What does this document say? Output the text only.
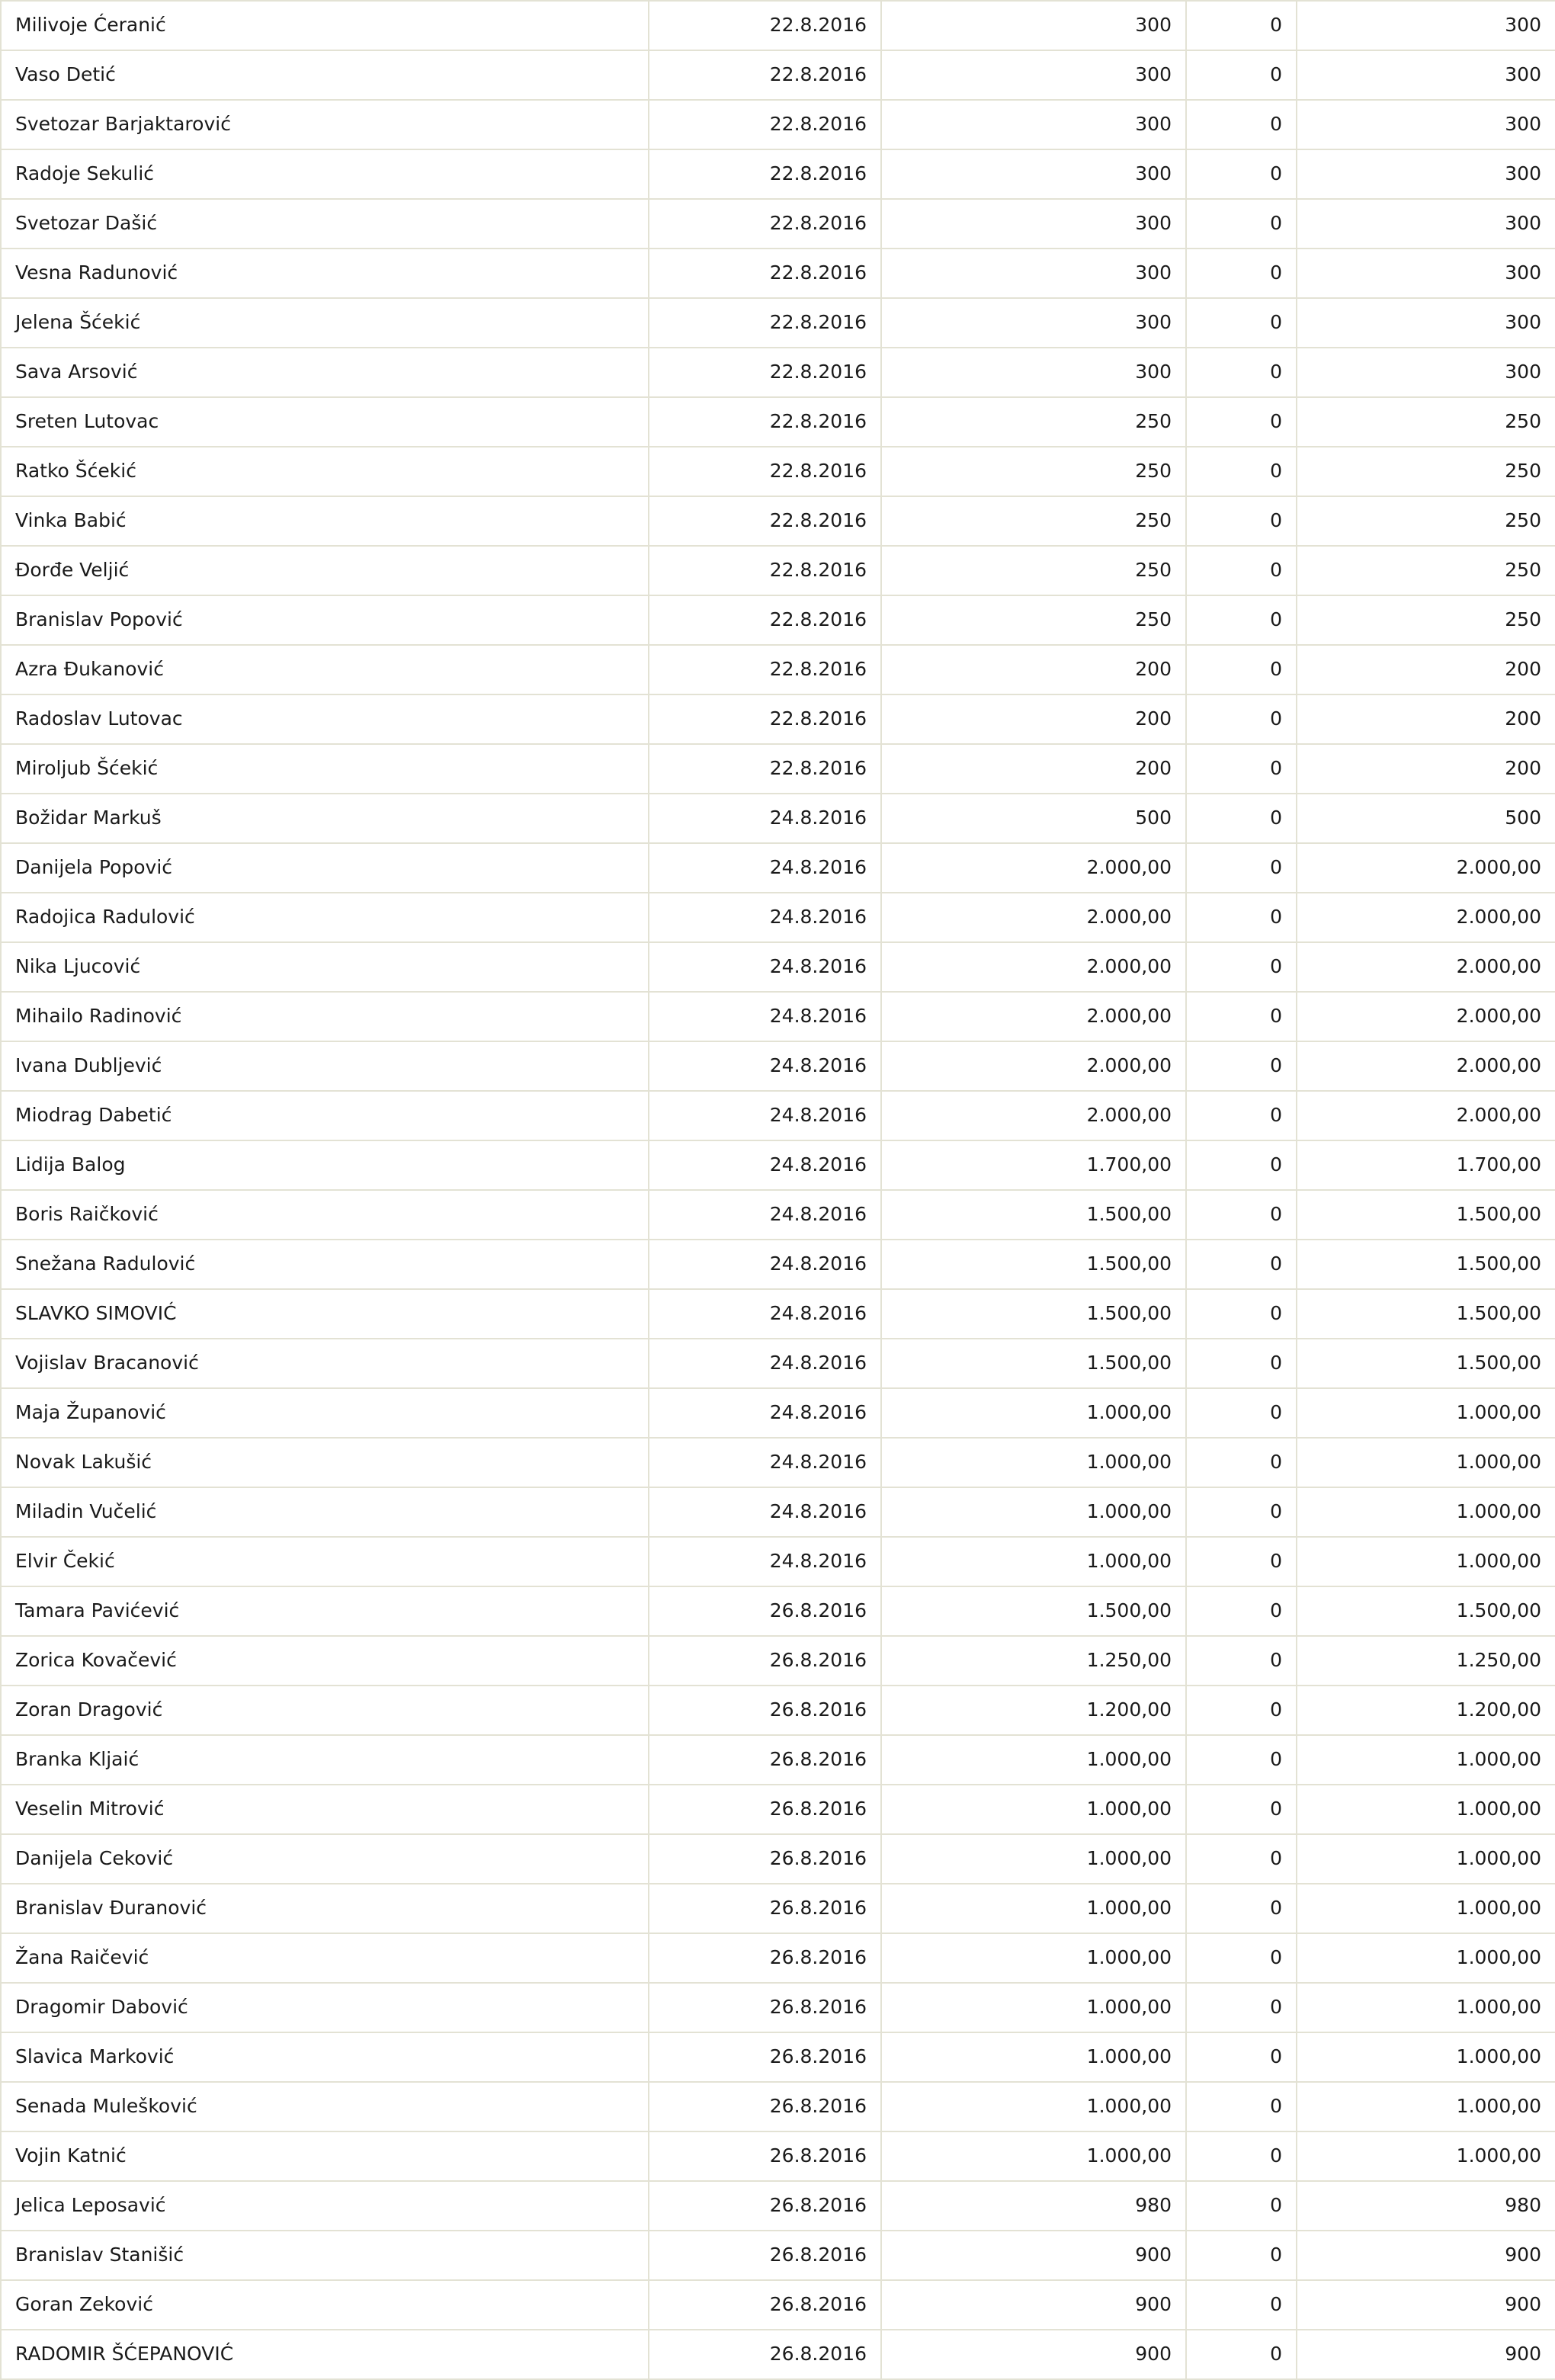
Milivoje Ćeranić	22.8.2016	300	0	300
Vaso Detić	22.8.2016	300	0	300
Svetozar Barjaktarović	22.8.2016	300	0	300
Radoje Sekulić	22.8.2016	300	0	300
Svetozar Dašić	22.8.2016	300	0	300
Vesna Radunović	22.8.2016	300	0	300
Jelena Šćekić	22.8.2016	300	0	300
Sava Arsović	22.8.2016	300	0	300
Sreten Lutovac	22.8.2016	250	0	250
Ratko Šćekić	22.8.2016	250	0	250
Vinka Babić	22.8.2016	250	0	250
Đorđe Veljić	22.8.2016	250	0	250
Branislav Popović	22.8.2016	250	0	250
Azra Đukanović	22.8.2016	200	0	200
Radoslav Lutovac	22.8.2016	200	0	200
Miroljub Šćekić	22.8.2016	200	0	200
Božidar Markuš	24.8.2016	500	0	500
Danijela Popović	24.8.2016	2.000,00	0	2.000,00
Radojica Radulović	24.8.2016	2.000,00	0	2.000,00
Nika Ljucović	24.8.2016	2.000,00	0	2.000,00
Mihailo Radinović	24.8.2016	2.000,00	0	2.000,00
Ivana Dubljević	24.8.2016	2.000,00	0	2.000,00
Miodrag Dabetić	24.8.2016	2.000,00	0	2.000,00
Lidija Balog	24.8.2016	1.700,00	0	1.700,00
Boris Raičković	24.8.2016	1.500,00	0	1.500,00
Snežana Radulović	24.8.2016	1.500,00	0	1.500,00
SLAVKO SIMOVIĆ	24.8.2016	1.500,00	0	1.500,00
Vojislav Bracanović	24.8.2016	1.500,00	0	1.500,00
Maja Županović	24.8.2016	1.000,00	0	1.000,00
Novak Lakušić	24.8.2016	1.000,00	0	1.000,00
Miladin Vučelić	24.8.2016	1.000,00	0	1.000,00
Elvir Čekić	24.8.2016	1.000,00	0	1.000,00
Tamara Pavićević	26.8.2016	1.500,00	0	1.500,00
Zorica Kovačević	26.8.2016	1.250,00	0	1.250,00
Zoran Dragović	26.8.2016	1.200,00	0	1.200,00
Branka Kljaić	26.8.2016	1.000,00	0	1.000,00
Veselin Mitrović	26.8.2016	1.000,00	0	1.000,00
Danijela Ceković	26.8.2016	1.000,00	0	1.000,00
Branislav Đuranović	26.8.2016	1.000,00	0	1.000,00
Žana Raičević	26.8.2016	1.000,00	0	1.000,00
Dragomir Dabović	26.8.2016	1.000,00	0	1.000,00
Slavica Marković	26.8.2016	1.000,00	0	1.000,00
Senada Mulešković	26.8.2016	1.000,00	0	1.000,00
Vojin Katnić	26.8.2016	1.000,00	0	1.000,00
Jelica Leposavić	26.8.2016	980	0	980
Branislav Stanišić	26.8.2016	900	0	900
Goran Zeković	26.8.2016	900	0	900
RADOMIR ŠĆEPANOVIĆ	26.8.2016	900	0	900
